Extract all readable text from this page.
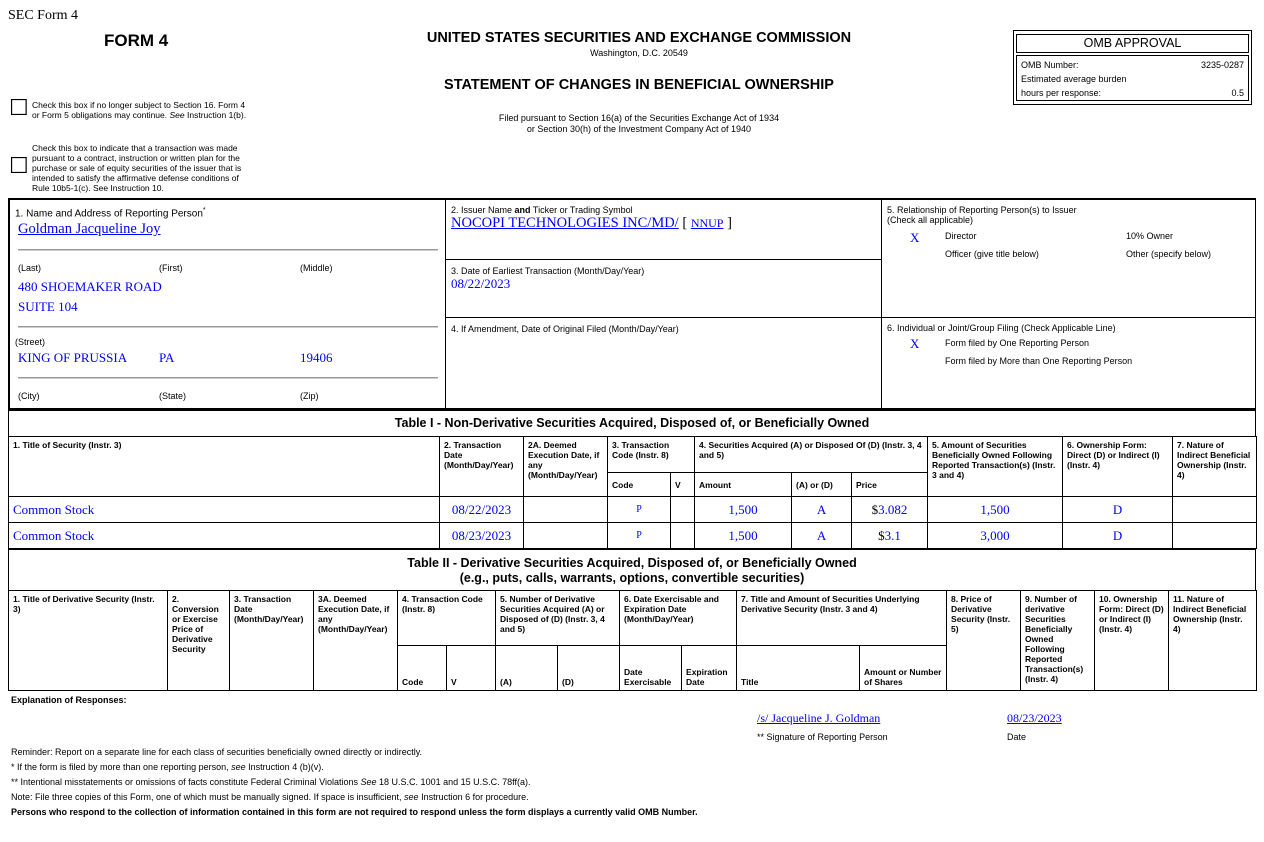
SEC Form 4
FORM 4	UNITED STATES SECURITIES AND EXCHANGE COMMISSION
Washington, D.C. 20549
STATEMENT OF CHANGES IN BENEFICIAL OWNERSHIP
Filed pursuant to Section 16(a) of the Securities Exchange Act of 1934
or Section 30(h) of the Investment Company Act of 1940
OMB APPROVAL
OMB Number:	3235-0287
Estimated average burden
hours per response:	0.5
☐ Check this box if no longer subject to Section 16. Form 4
or Form 5 obligations may continue. See Instruction 1(b).
☐
Check this box to indicate that a transaction was made
pursuant to a contract, instruction or written plan for the
purchase or sale of equity securities of the issuer that is
intended to satisfy the affirmative defense conditions of
Rule 10b5-1(c). See Instruction 10.
1. Name and Address of Reporting Person*
Goldman Jacqueline Joy
(Last)	(First)	(Middle)
480 SHOEMAKER ROAD
SUITE 104
(Street)
KING OF PRUSSIA PA	19406
(City)	(State)	(Zip)
2. Issuer Name and Ticker or Trading Symbol
NOCOPI TECHNOLOGIES INC/MD/ [ NNUP ]
3. Date of Earliest Transaction (Month/Day/Year)
08/22/2023
4. If Amendment, Date of Original Filed (Month/Day/Year)
5. Relationship of Reporting Person(s) to Issuer
(Check all applicable)
X	Director	10% Owner
Officer (give title below)	Other (specify below)
6. Individual or Joint/Group Filing (Check Applicable Line)
X	Form filed by One Reporting Person
Form filed by More than One Reporting Person
Table I - Non-Derivative Securities Acquired, Disposed of, or Beneficially Owned
1. Title of Security (Instr. 3)	2. Transaction Date (Month/Day/Year)	2A. Deemed Execution Date, if any (Month/Day/Year)	3. Transaction Code (Instr. 8)		4. Securities Acquired (A) or Disposed Of (D) (Instr. 3, 4 and 5)			5. Amount of Securities Beneficially Owned Following Reported Transaction(s) (Instr. 3 and 4)	6. Ownership Form: Direct (D) or Indirect (I) (Instr. 4)	7. Nature of Indirect Beneficial Ownership (Instr. 4)
			Code	V	Amount	(A) or (D)	Price			
Common Stock	08/22/2023		P		1,500	A	$3.082	1,500	D	
Common Stock	08/23/2023		P		1,500	A	$3.1	3,000	D	
Table II - Derivative Securities Acquired, Disposed of, or Beneficially Owned
(e.g., puts, calls, warrants, options, convertible securities)
1. Title of Derivative Security (Instr. 3)	2. Conversion or Exercise Price of Derivative Security	3. Transaction Date (Month/Day/Year)	3A. Deemed Execution Date, if any (Month/Day/Year)	4. Transaction Code (Instr. 8)		5. Number of Derivative Securities Acquired (A) or Disposed of (D) (Instr. 3, 4 and 5)		6. Date Exercisable and Expiration Date (Month/Day/Year)		7. Title and Amount of Securities Underlying Derivative Security (Instr. 3 and 4)		8. Price of Derivative Security (Instr. 5)	9. Number of derivative Securities Beneficially Owned Following Reported Transaction(s) (Instr. 4)	10. Ownership Form: Direct (D) or Indirect (I) (Instr. 4)	11. Nature of Indirect Beneficial Ownership (Instr. 4)
				Code	V	(A)	(D)	Date Exercisable	Expiration Date	Title	Amount or Number of Shares				
Explanation of Responses:
/s/ Jacqueline J. Goldman
** Signature of Reporting Person
08/23/2023
Date
Reminder: Report on a separate line for each class of securities beneficially owned directly or indirectly.
* If the form is filed by more than one reporting person, see Instruction 4 (b)(v).
** Intentional misstatements or omissions of facts constitute Federal Criminal Violations See 18 U.S.C. 1001 and 15 U.S.C. 78ff(a).
Note: File three copies of this Form, one of which must be manually signed. If space is insufficient, see Instruction 6 for procedure.
Persons who respond to the collection of information contained in this form are not required to respond unless the form displays a currently valid OMB Number.
